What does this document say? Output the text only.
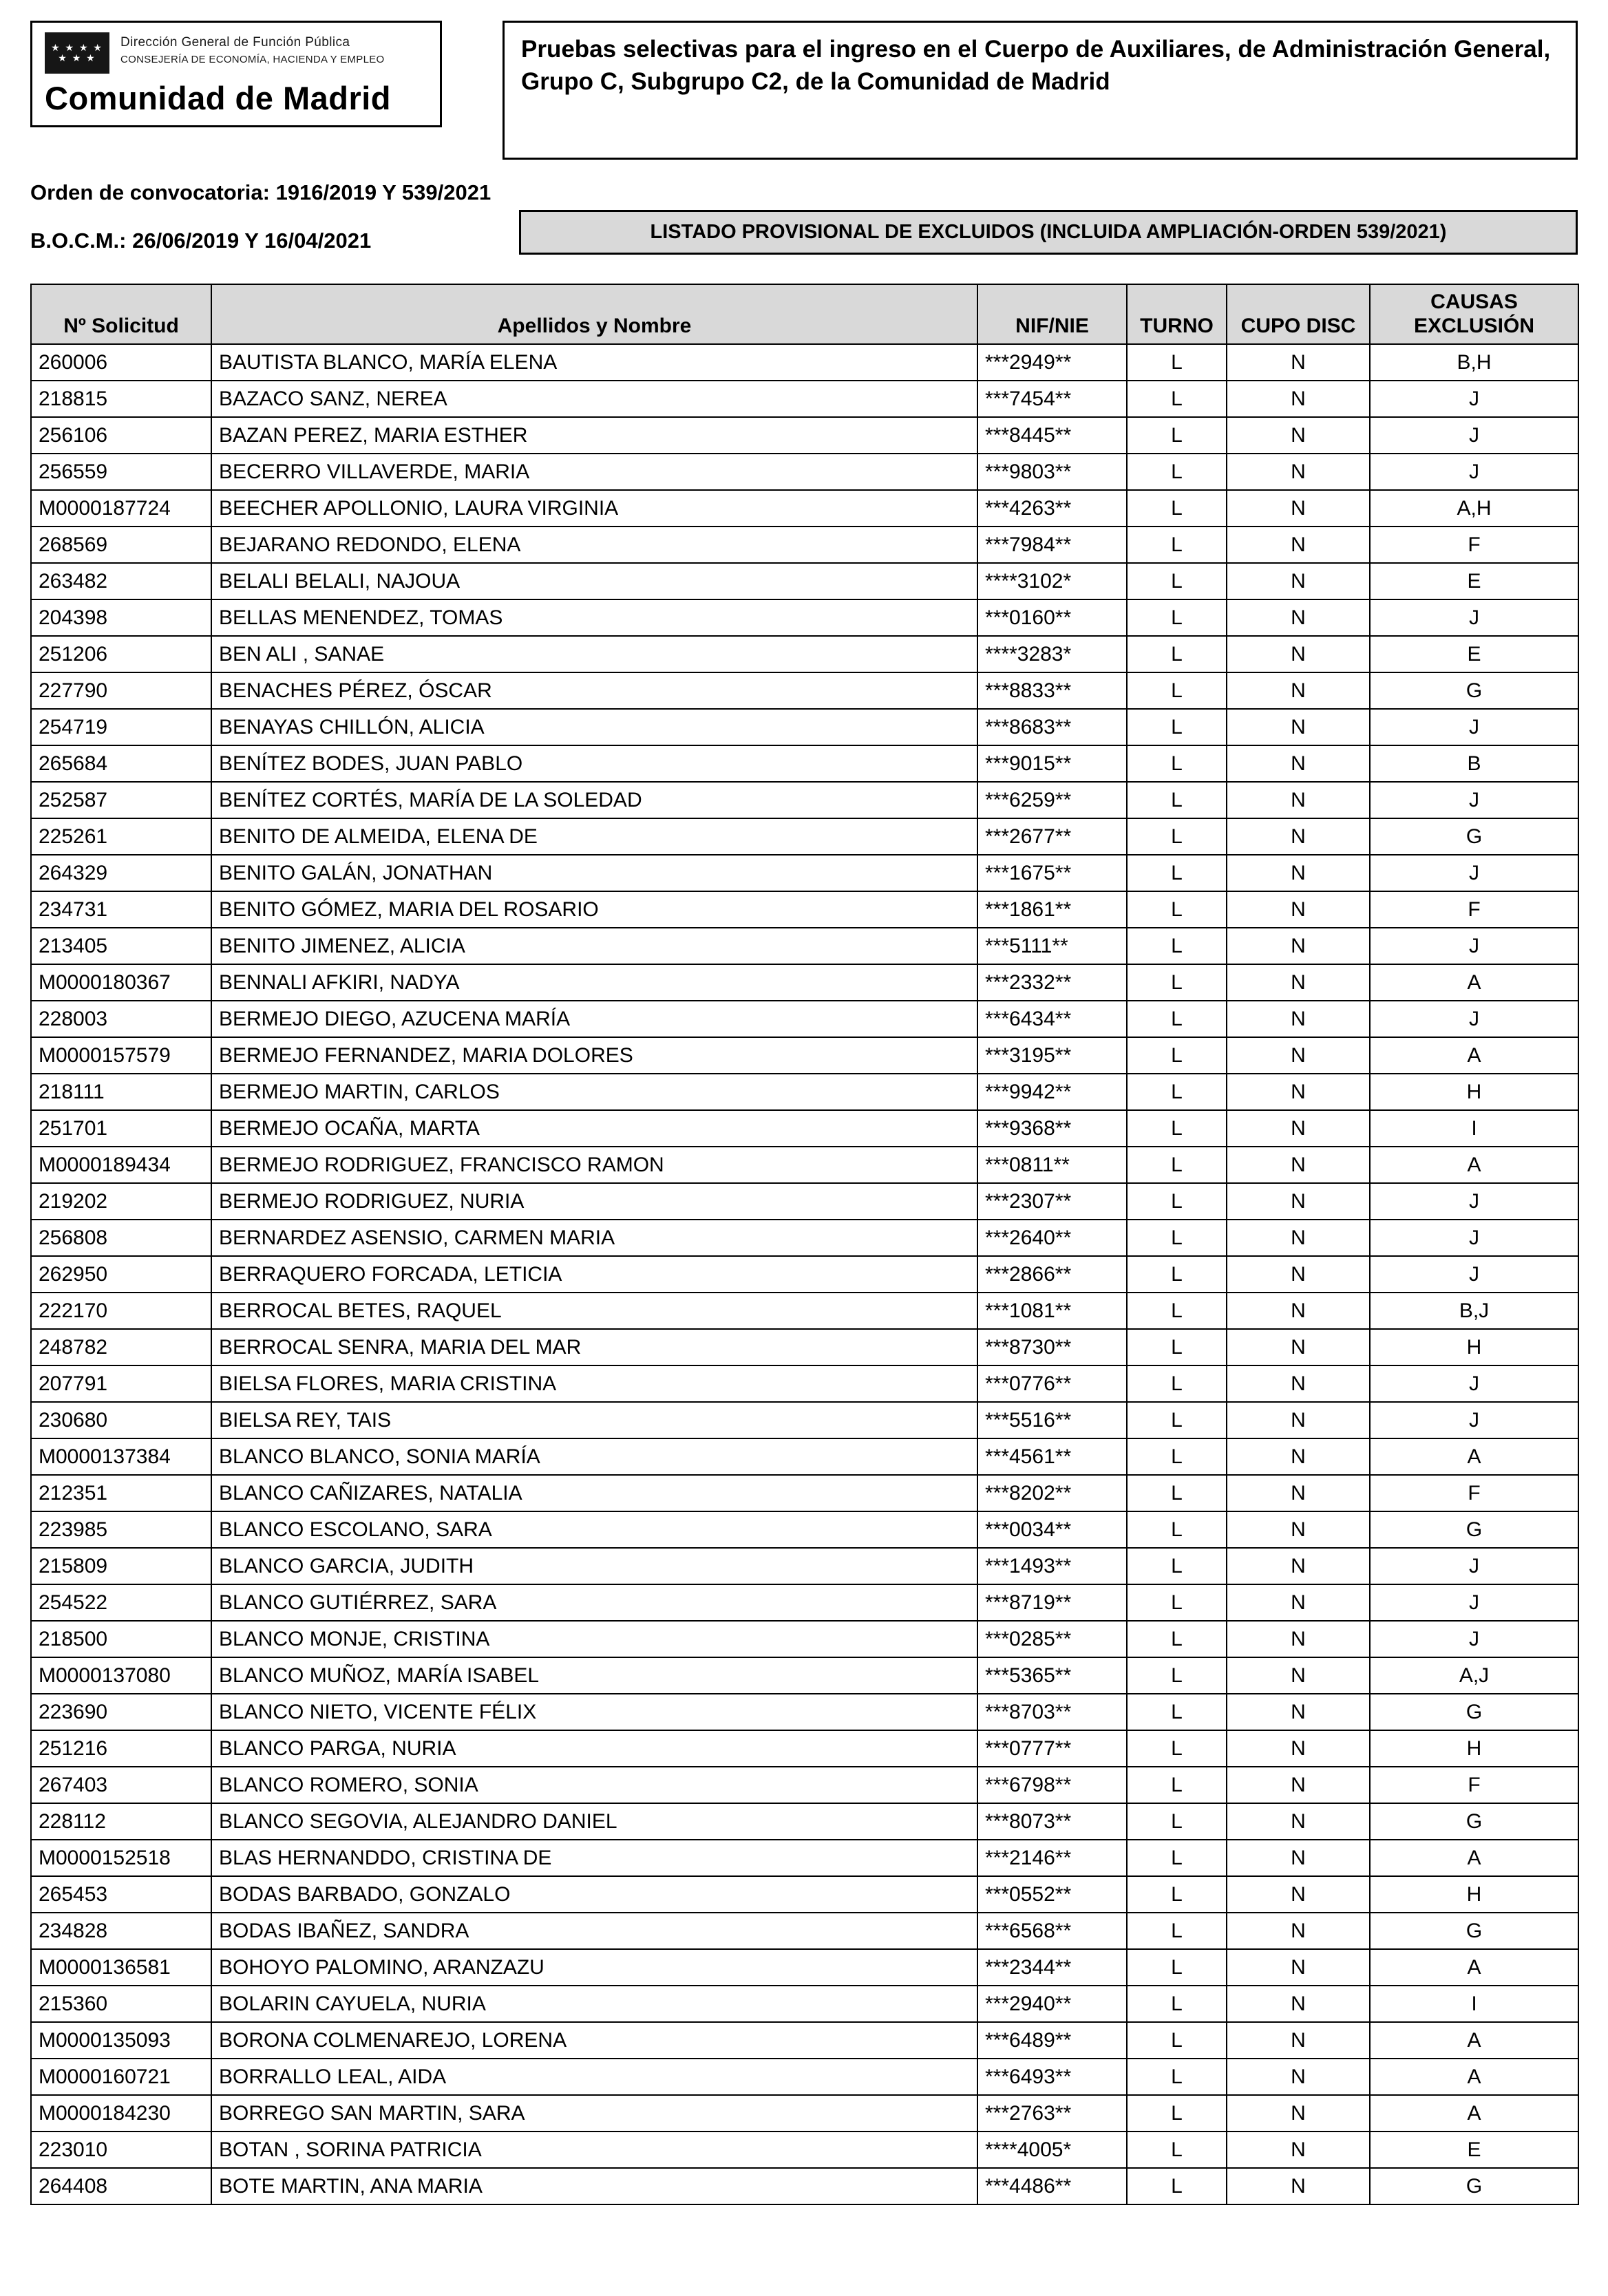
★ ★ ★ ★
★ ★ ★
Dirección General de Función Pública
CONSEJERÍA DE ECONOMÍA, HACIENDA Y EMPLEO
Comunidad de Madrid
Pruebas selectivas para el ingreso en el Cuerpo de Auxiliares, de Administración General, Grupo C, Subgrupo C2, de la Comunidad de Madrid
Orden de convocatoria: 1916/2019 Y 539/2021
B.O.C.M.: 26/06/2019 Y 16/04/2021	LISTADO PROVISIONAL DE EXCLUIDOS (INCLUIDA AMPLIACIÓN-ORDEN 539/2021)
Nº Solicitud	Apellidos y Nombre	NIF/NIE	TURNO	CUPO DISC	CAUSAS EXCLUSIÓN
260006	BAUTISTA BLANCO, MARÍA ELENA	***2949**	L	N	B,H
218815	BAZACO SANZ, NEREA	***7454**	L	N	J
256106	BAZAN PEREZ, MARIA ESTHER	***8445**	L	N	J
256559	BECERRO VILLAVERDE, MARIA	***9803**	L	N	J
M0000187724	BEECHER APOLLONIO, LAURA VIRGINIA	***4263**	L	N	A,H
268569	BEJARANO REDONDO, ELENA	***7984**	L	N	F
263482	BELALI BELALI, NAJOUA	****3102*	L	N	E
204398	BELLAS MENENDEZ, TOMAS	***0160**	L	N	J
251206	BEN ALI , SANAE	****3283*	L	N	E
227790	BENACHES PÉREZ, ÓSCAR	***8833**	L	N	G
254719	BENAYAS CHILLÓN, ALICIA	***8683**	L	N	J
265684	BENÍTEZ BODES, JUAN PABLO	***9015**	L	N	B
252587	BENÍTEZ CORTÉS, MARÍA DE LA SOLEDAD	***6259**	L	N	J
225261	BENITO DE ALMEIDA, ELENA DE	***2677**	L	N	G
264329	BENITO GALÁN, JONATHAN	***1675**	L	N	J
234731	BENITO GÓMEZ, MARIA DEL ROSARIO	***1861**	L	N	F
213405	BENITO JIMENEZ, ALICIA	***5111**	L	N	J
M0000180367	BENNALI AFKIRI, NADYA	***2332**	L	N	A
228003	BERMEJO DIEGO, AZUCENA MARÍA	***6434**	L	N	J
M0000157579	BERMEJO FERNANDEZ, MARIA DOLORES	***3195**	L	N	A
218111	BERMEJO MARTIN, CARLOS	***9942**	L	N	H
251701	BERMEJO OCAÑA, MARTA	***9368**	L	N	I
M0000189434	BERMEJO RODRIGUEZ, FRANCISCO RAMON	***0811**	L	N	A
219202	BERMEJO RODRIGUEZ, NURIA	***2307**	L	N	J
256808	BERNARDEZ ASENSIO, CARMEN MARIA	***2640**	L	N	J
262950	BERRAQUERO FORCADA, LETICIA	***2866**	L	N	J
222170	BERROCAL BETES, RAQUEL	***1081**	L	N	B,J
248782	BERROCAL SENRA, MARIA DEL MAR	***8730**	L	N	H
207791	BIELSA FLORES, MARIA CRISTINA	***0776**	L	N	J
230680	BIELSA REY, TAIS	***5516**	L	N	J
M0000137384	BLANCO BLANCO, SONIA MARÍA	***4561**	L	N	A
212351	BLANCO CAÑIZARES, NATALIA	***8202**	L	N	F
223985	BLANCO ESCOLANO, SARA	***0034**	L	N	G
215809	BLANCO GARCIA, JUDITH	***1493**	L	N	J
254522	BLANCO GUTIÉRREZ, SARA	***8719**	L	N	J
218500	BLANCO MONJE, CRISTINA	***0285**	L	N	J
M0000137080	BLANCO MUÑOZ, MARÍA ISABEL	***5365**	L	N	A,J
223690	BLANCO NIETO, VICENTE FÉLIX	***8703**	L	N	G
251216	BLANCO PARGA, NURIA	***0777**	L	N	H
267403	BLANCO ROMERO, SONIA	***6798**	L	N	F
228112	BLANCO SEGOVIA, ALEJANDRO DANIEL	***8073**	L	N	G
M0000152518	BLAS HERNANDDO, CRISTINA DE	***2146**	L	N	A
265453	BODAS BARBADO, GONZALO	***0552**	L	N	H
234828	BODAS IBAÑEZ, SANDRA	***6568**	L	N	G
M0000136581	BOHOYO PALOMINO, ARANZAZU	***2344**	L	N	A
215360	BOLARIN CAYUELA, NURIA	***2940**	L	N	I
M0000135093	BORONA COLMENAREJO, LORENA	***6489**	L	N	A
M0000160721	BORRALLO LEAL, AIDA	***6493**	L	N	A
M0000184230	BORREGO SAN MARTIN, SARA	***2763**	L	N	A
223010	BOTAN , SORINA PATRICIA	****4005*	L	N	E
264408	BOTE MARTIN, ANA MARIA	***4486**	L	N	G
